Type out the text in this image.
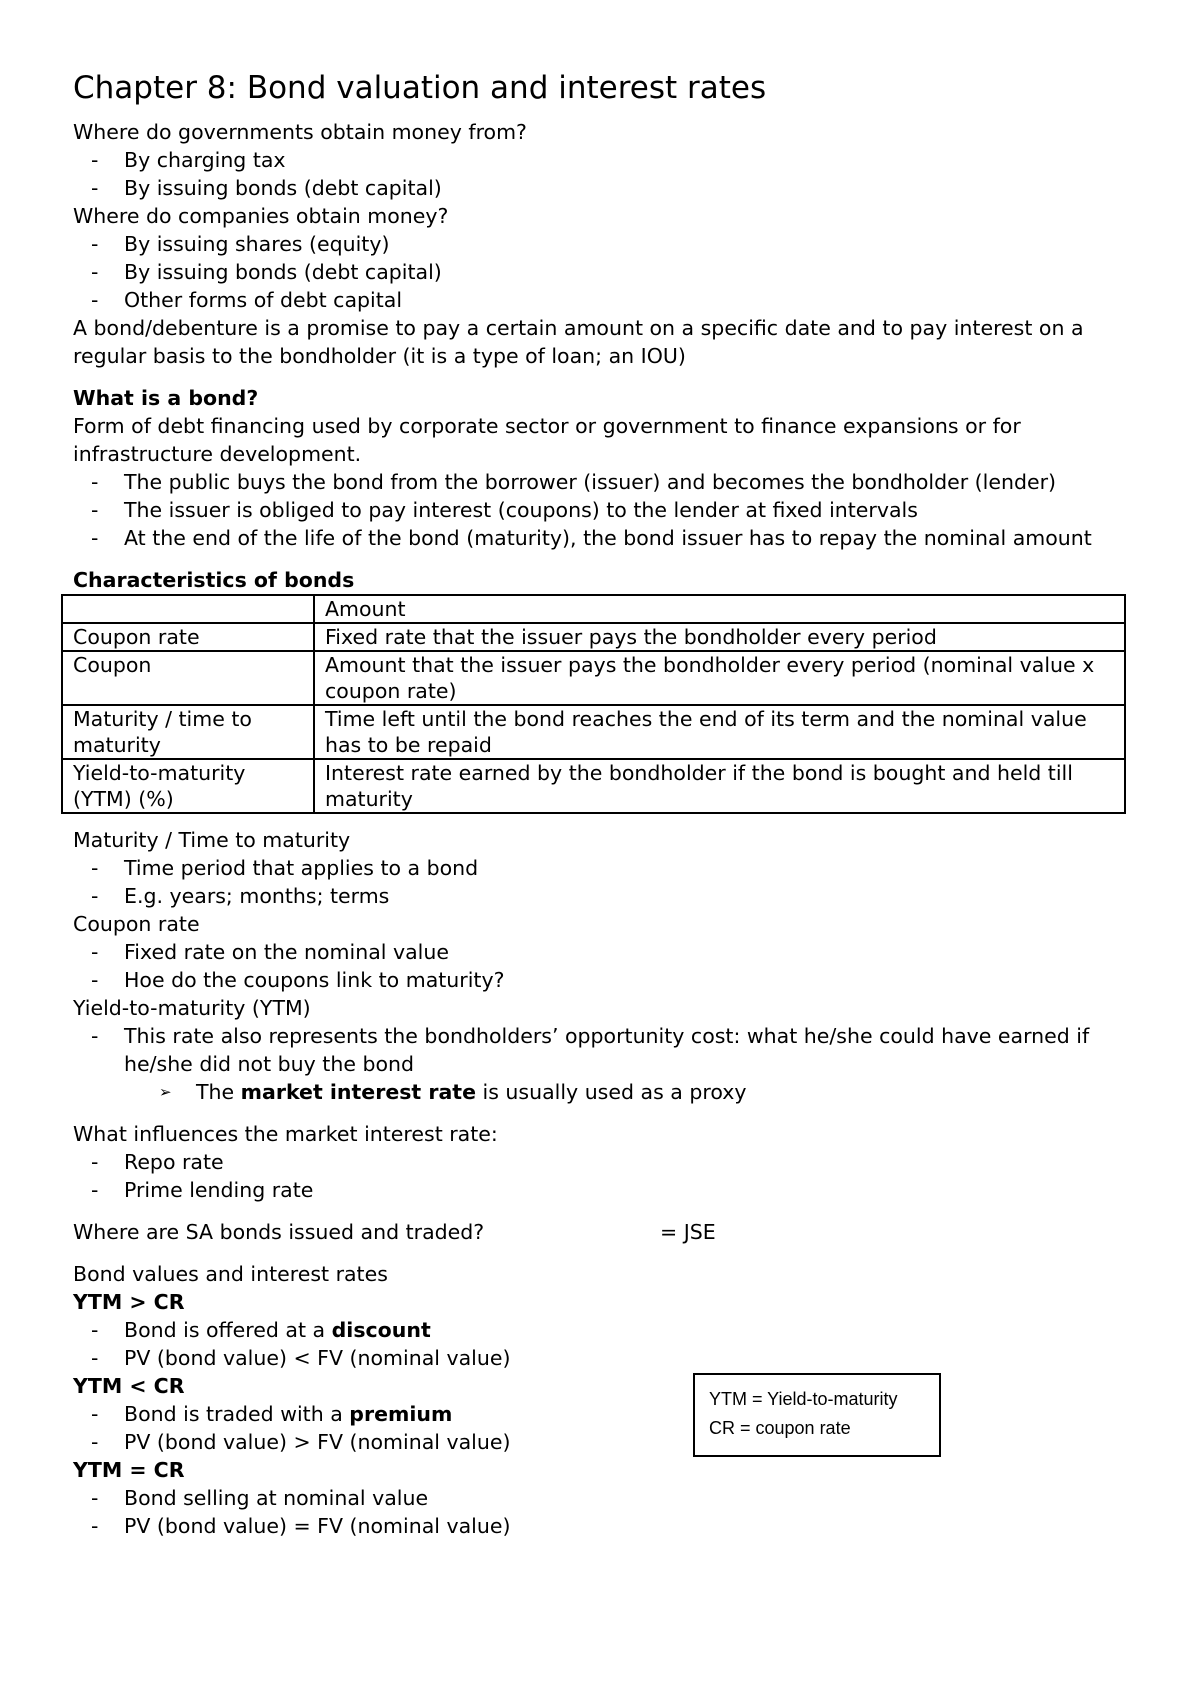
Chapter 8: Bond valuation and interest rates

Where do governments obtain money from?

- By charging tax
- By issuing bonds (debt capital)

Where do companies obtain money?

- By issuing shares (equity)
- By issuing bonds (debt capital)
- Other forms of debt capital

A bond/debenture is a promise to pay a certain amount on a specific date and to pay interest on a regular basis to the bondholder (it is a type of loan; an IOU)

What is a bond?

Form of debt financing used by corporate sector or government to finance expansions or for infrastructure development.

- The public buys the bond from the borrower (issuer) and becomes the bondholder (lender)
- The issuer is obliged to pay interest (coupons) to the lender at fixed intervals
- At the end of the life of the bond (maturity), the bond issuer has to repay the nominal amount
Characteristics of bonds
	Amount
Coupon rate	Fixed rate that the issuer pays the bondholder every period
Coupon	Amount that the issuer pays the bondholder every period (nominal value x coupon rate)
Maturity / time to maturity	Time left until the bond reaches the end of its term and the nominal value has to be repaid
Yield-to-maturity (YTM) (%)	Interest rate earned by the bondholder if the bond is bought and held till maturity

Maturity / Time to maturity

- Time period that applies to a bond
- E.g. years; months; terms

Coupon rate

- Fixed rate on the nominal value
- Hoe do the coupons link to maturity?

Yield-to-maturity (YTM)

- This rate also represents the bondholders’ opportunity cost: what he/she could have earned if he/she did not buy the bond
➢ The market interest rate is usually used as a proxy

What influences the market interest rate:

- Repo rate
- Prime lending rate
Where are SA bonds issued and traded?	= JSE

Bond values and interest rates

YTM > CR
- Bond is offered at a discount
- PV (bond value) < FV (nominal value)
YTM < CR
- Bond is traded with a premium
- PV (bond value) > FV (nominal value)
YTM = CR
- Bond selling at nominal value
- PV (bond value) = FV (nominal value)
YTM = Yield-to-maturity
CR = coupon rate
